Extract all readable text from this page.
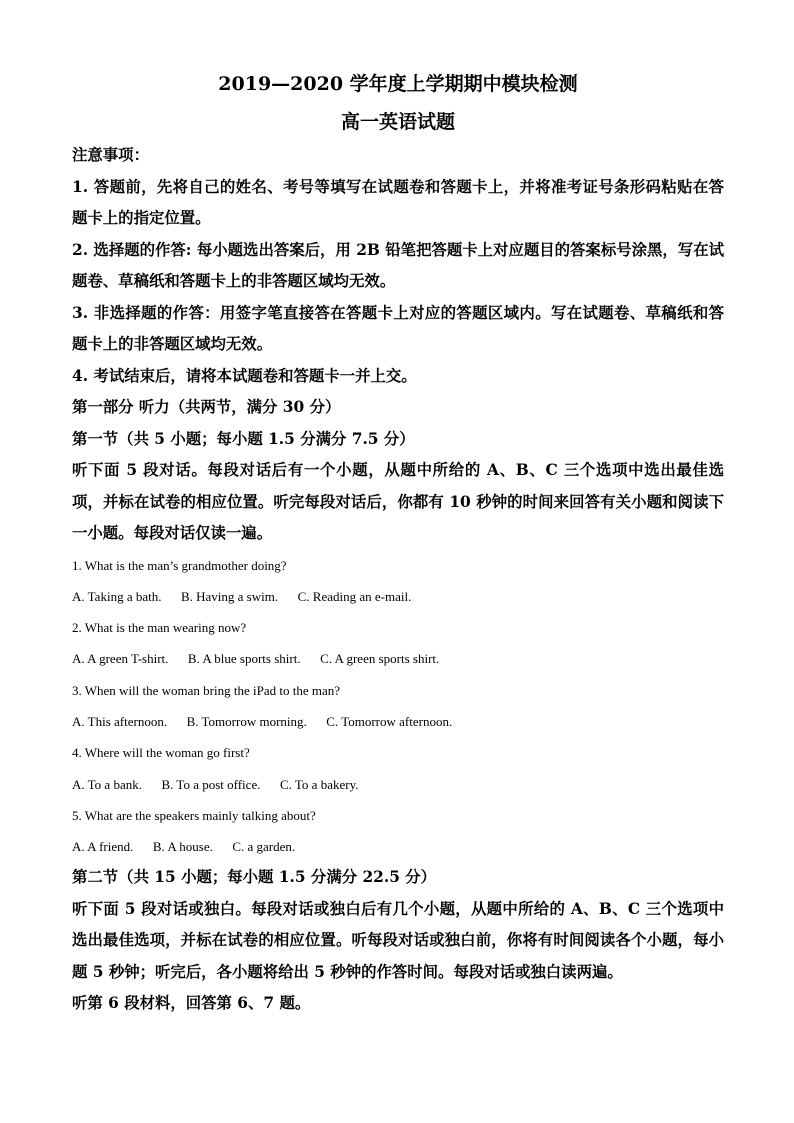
2019—2020 学年度上学期期中模块检测
高一英语试题
注意事项：
1. 答题前，先将自己的姓名、考号等填写在试题卷和答题卡上，并将准考证号条形码粘贴在答题卡上的指定位置。
2. 选择题的作答: 每小题选出答案后，用 2B 铅笔把答题卡上对应题目的答案标号涂黑，写在试题卷、草稿纸和答题卡上的非答题区域均无效。
3. 非选择题的作答：用签字笔直接答在答题卡上对应的答题区域内。写在试题卷、草稿纸和答题卡上的非答题区域均无效。
4. 考试结束后，请将本试题卷和答题卡一并上交。
第一部分 听力（共两节，满分 30 分）
第一节（共 5 小题；每小题 1.5 分满分 7.5 分）
听下面 5 段对话。每段对话后有一个小题，从题中所给的 A、B、C 三个选项中选出最佳选项，并标在试卷的相应位置。听完每段对话后，你都有 10 秒钟的时间来回答有关小题和阅读下一小题。每段对话仅读一遍。
1. What is the man’s grandmother doing?
A. Taking a bath.      B. Having a swim.      C. Reading an e-mail.
2. What is the man wearing now?
A. A green T-shirt.      B. A blue sports shirt.      C. A green sports shirt.
3. When will the woman bring the iPad to the man?
A. This afternoon.      B. Tomorrow morning.      C. Tomorrow afternoon.
4. Where will the woman go first?
A. To a bank.      B. To a post office.      C. To a bakery.
5. What are the speakers mainly talking about?
A. A friend.      B. A house.      C. a garden.
第二节（共 15 小题；每小题 1.5 分满分 22.5 分）
听下面 5 段对话或独白。每段对话或独白后有几个小题，从题中所给的 A、B、C 三个选项中选出最佳选项，并标在试卷的相应位置。听每段对话或独白前，你将有时间阅读各个小题，每小题 5 秒钟；听完后，各小题将给出 5 秒钟的作答时间。每段对话或独白读两遍。
听第 6 段材料，回答第 6、7 题。
